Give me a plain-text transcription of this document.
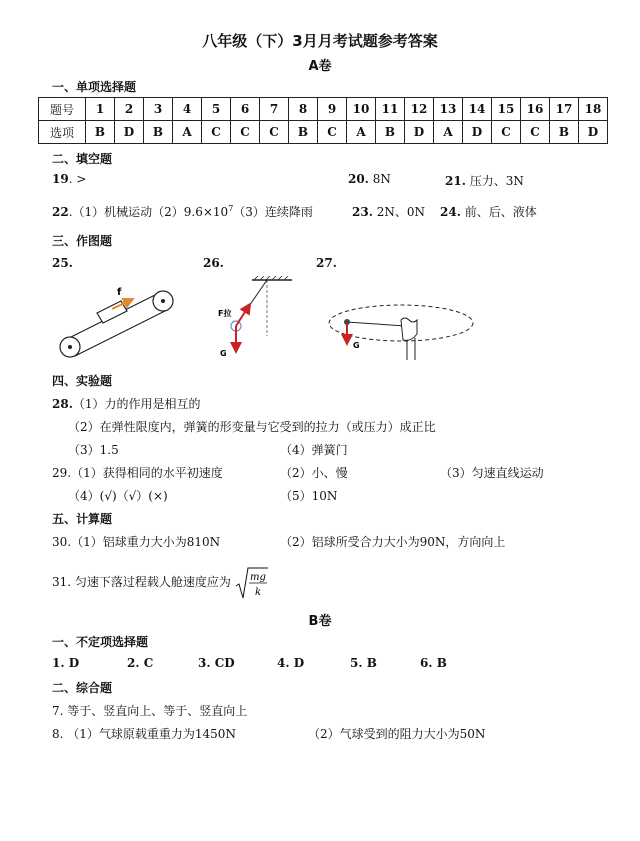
八年级（下）3月月考试题参考答案
A卷
一、单项选择题
题号	1	2	3	4	5	6	7	8	9	10	11	12	13	14	15	16	17	18
选项	B	D	B	A	C	C	C	B	C	A	B	D	A	D	C	C	B	D
二、填空题
19. >	20. 8N	21. 压力、3N
22.（1）机械运动$(2)9.6\times 10^7(3)$连续降雨	23. 2N、0N 24. 前、后、液体
三、作图题
25.	26.	27.
f
F拉
G
G
四、实验题
28.（1）力的作用是相互的
（2）在弹性限度内，弹簧的形变量与它受到的拉力（或压力）成正比
（3）1.5	（4）弹簧门
29.（1）获得相同的水平初速度	（2）小、慢	（3）匀速直线运动
（4）(√)（√）(×)	（5）10N
五、计算题
30.（1）铝球重力大小为810N	（2）铝球所受合力大小为90N，方向向上
31. 匀速下落过程载人舱速度应为 mg
k
B卷
一、不定项选择题
1. D	2. C	3. CD	4. D	5. B	6. B
二、综合题
7. 等于、竖直向上、等于、竖直向上
8. （1）气球原载重重力为1450N	（2）气球受到的阻力大小为50N
